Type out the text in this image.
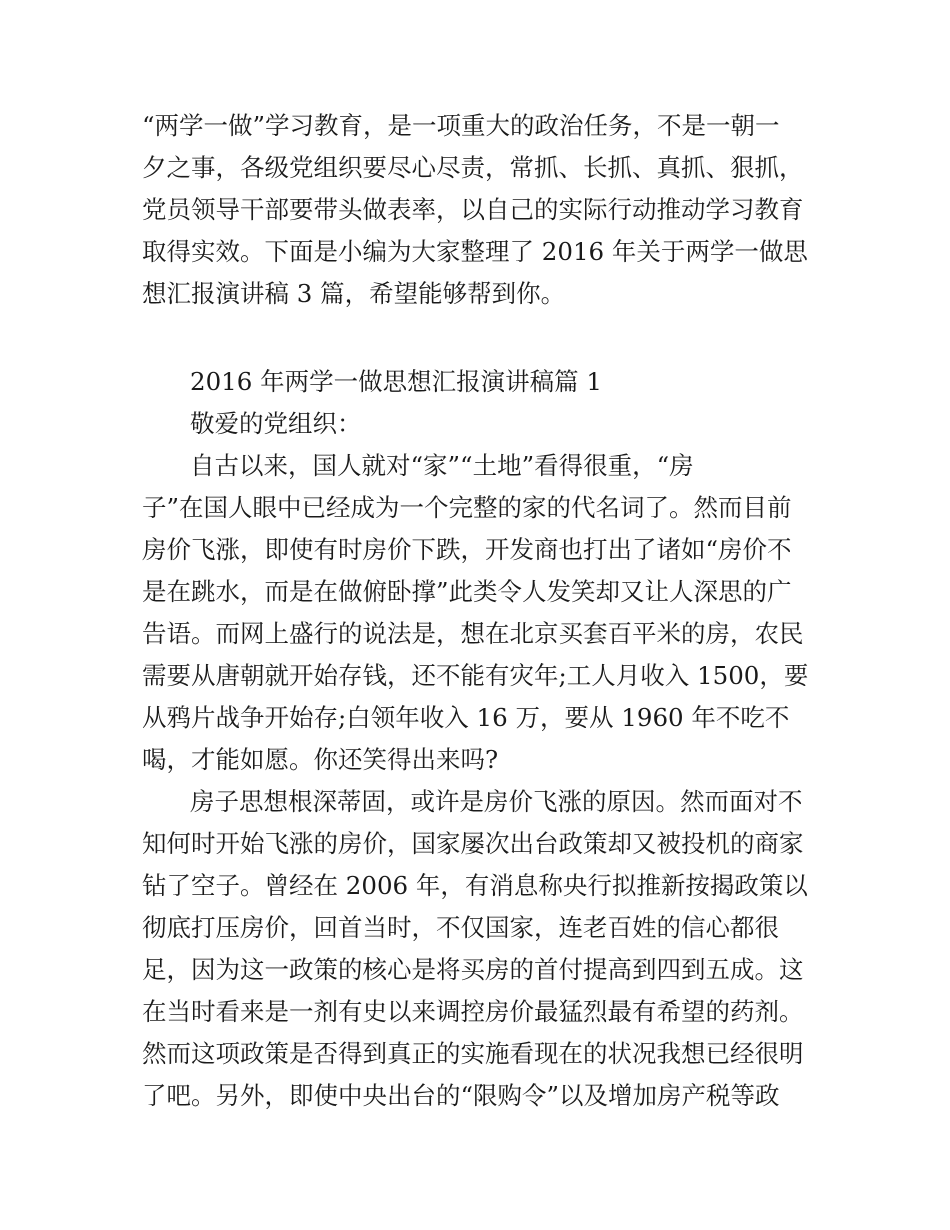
“两学一做”学习教育，是一项重大的政治任务，不是一朝一
夕之事，各级党组织要尽心尽责，常抓、长抓、真抓、狠抓，
党员领导干部要带头做表率，以自己的实际行动推动学习教育
取得实效。下面是小编为大家整理了 2016 年关于两学一做思
想汇报演讲稿 3 篇，希望能够帮到你。
2016 年两学一做思想汇报演讲稿篇 1
敬爱的党组织：
自古以来，国人就对“家”“土地”看得很重，“房
子”在国人眼中已经成为一个完整的家的代名词了。然而目前
房价飞涨，即使有时房价下跌，开发商也打出了诸如“房价不
是在跳水，而是在做俯卧撑”此类令人发笑却又让人深思的广
告语。而网上盛行的说法是，想在北京买套百平米的房，农民
需要从唐朝就开始存钱，还不能有灾年;工人月收入 1500，要
从鸦片战争开始存;白领年收入 16 万，要从 1960 年不吃不
喝，才能如愿。你还笑得出来吗?
房子思想根深蒂固，或许是房价飞涨的原因。然而面对不
知何时开始飞涨的房价，国家屡次出台政策却又被投机的商家
钻了空子。曾经在 2006 年，有消息称央行拟推新按揭政策以
彻底打压房价，回首当时，不仅国家，连老百姓的信心都很
足，因为这一政策的核心是将买房的首付提高到四到五成。这
在当时看来是一剂有史以来调控房价最猛烈最有希望的药剂。
然而这项政策是否得到真正的实施看现在的状况我想已经很明
了吧。另外，即使中央出台的“限购令”以及增加房产税等政
